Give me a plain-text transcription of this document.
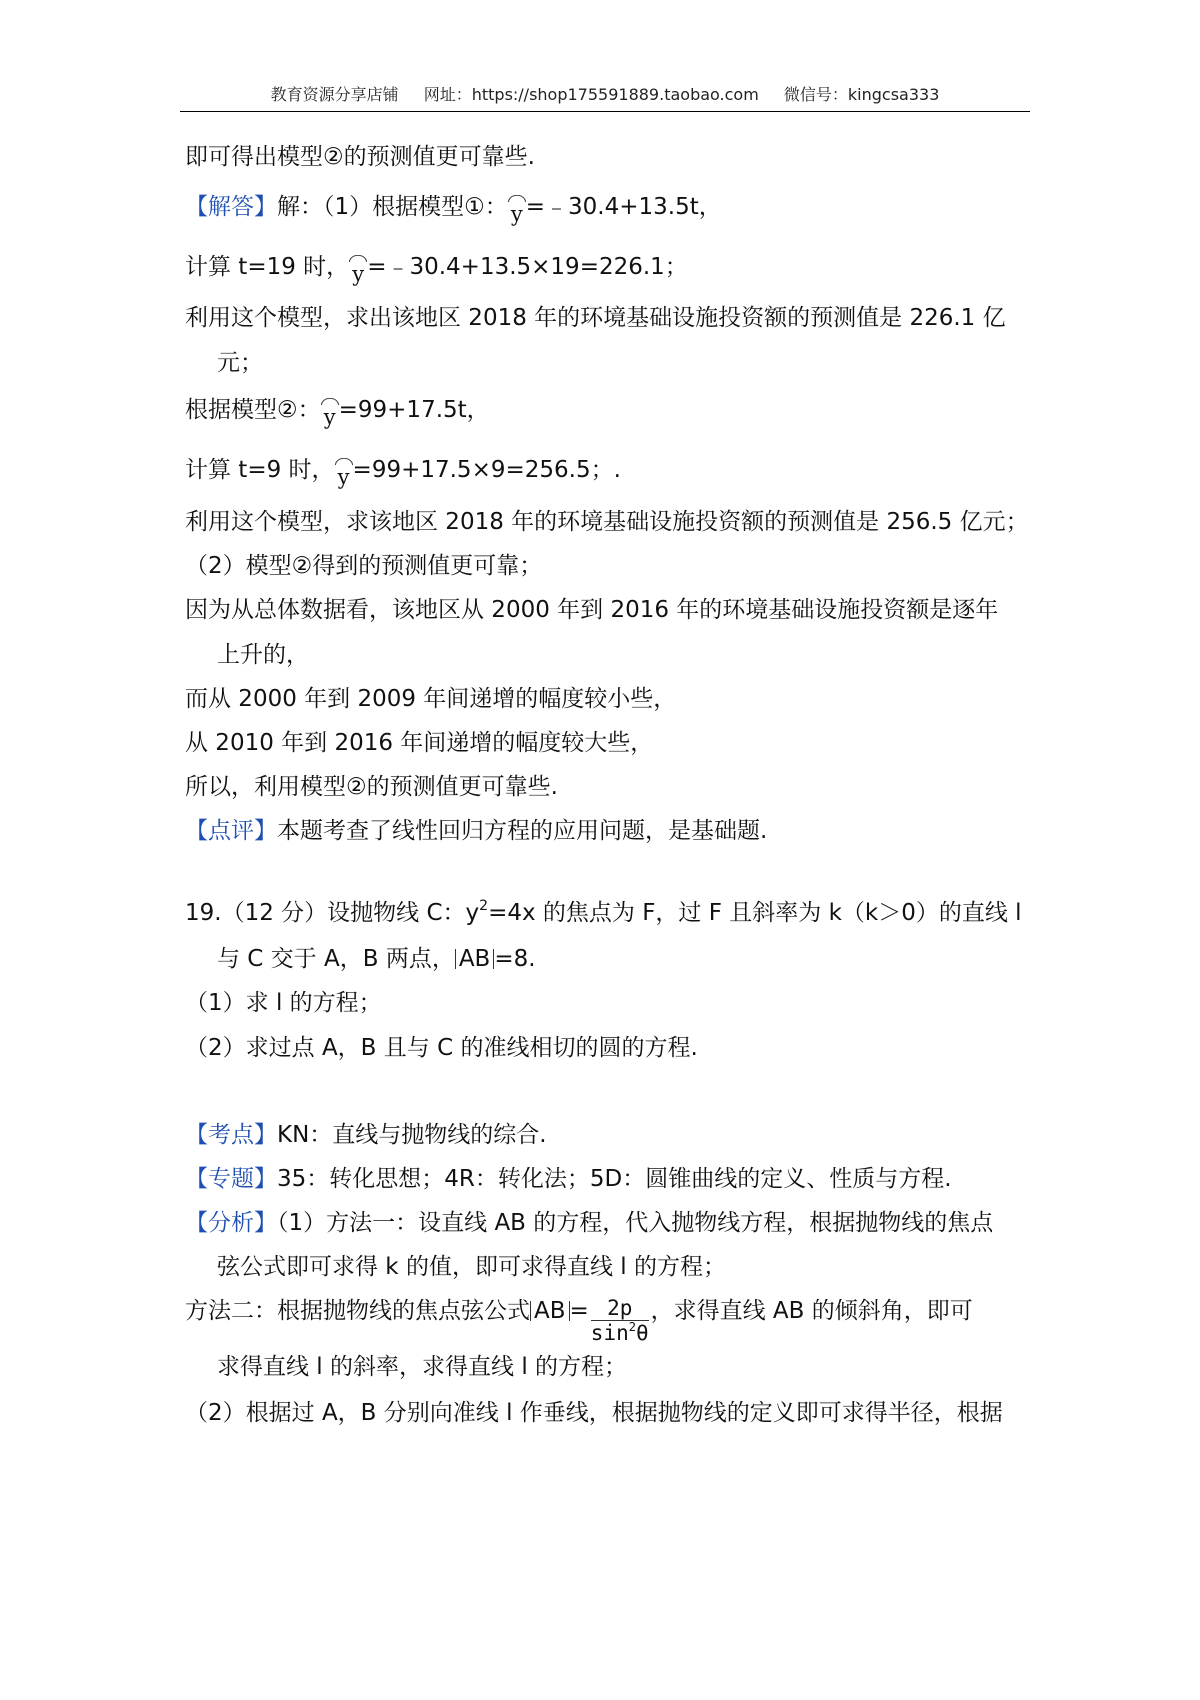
教育资源分享店铺 网址：https://shop175591889.taobao.com 微信号：kingcsa333
即可得出模型②的预测值更可靠些.
【解答】解：（1）根据模型①： y =﹣30.4+13.5t，
计算 t=19 时， y =﹣30.4+13.5×19=226.1；
利用这个模型，求出该地区 2018 年的环境基础设施投资额的预测值是 226.1 亿
元；
根据模型②： y =99+17.5t，
计算 t=9 时， y =99+17.5×9=256.5；.
利用这个模型，求该地区 2018 年的环境基础设施投资额的预测值是 256.5 亿元；
（2）模型②得到的预测值更可靠；
因为从总体数据看，该地区从 2000 年到 2016 年的环境基础设施投资额是逐年
上升的，
而从 2000 年到 2009 年间递增的幅度较小些，
从 2010 年到 2016 年间递增的幅度较大些，
所以，利用模型②的预测值更可靠些.
【点评】本题考查了线性回归方程的应用问题，是基础题.
19.（12 分）设抛物线 C：$y^2=4x$ 的焦点为 F，过 F 且斜率为 k（k＞0）的直线 l
与 C 交于 A，B 两点， AB =8.
（1）求 l 的方程；
（2）求过点 A，B 且与 C 的准线相切的圆的方程.
【考点】KN：直线与抛物线的综合.
【专题】35：转化思想；4R：转化法；5D：圆锥曲线的定义、性质与方程.
【分析】（1）方法一：设直线 AB 的方程，代入抛物线方程，根据抛物线的焦点
弦公式即可求得 k 的值，即可求得直线 l 的方程；
方法二：根据抛物线的焦点弦公式 AB = $\frac{2p}{\sin^2\theta}$ ，求得直线 AB 的倾斜角，即可
求得直线 l 的斜率，求得直线 l 的方程；
（2）根据过 A，B 分别向准线 l 作垂线，根据抛物线的定义即可求得半径，根据
